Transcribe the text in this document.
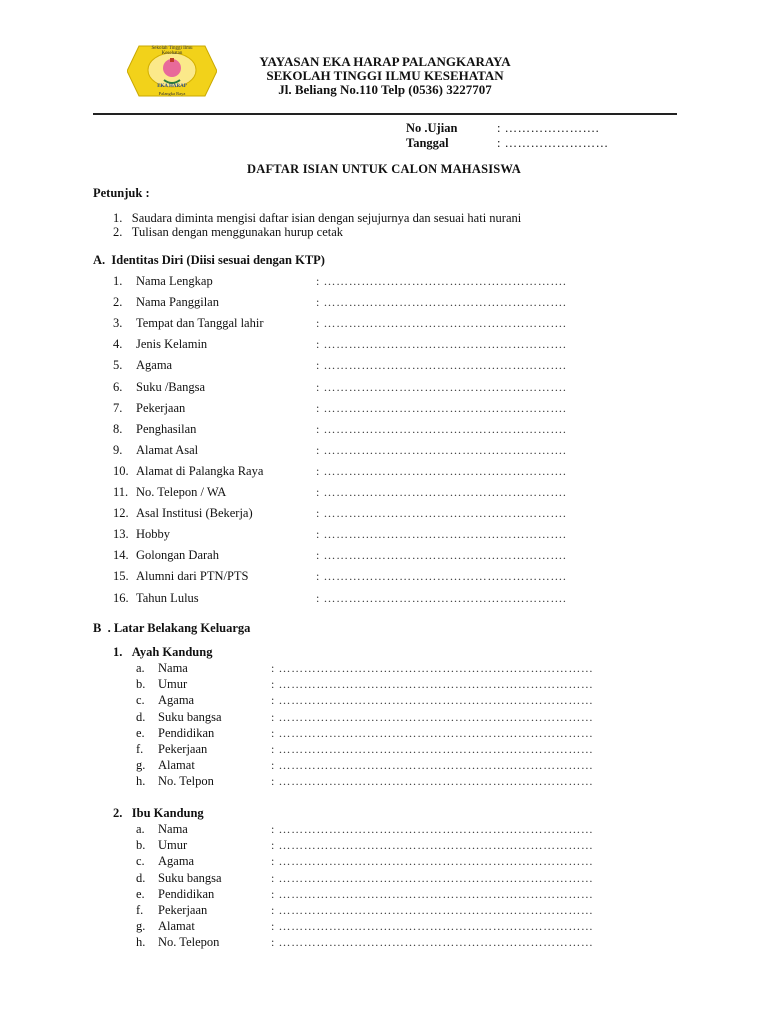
Sekolah Tinggi Ilmu Kesehatan
EKA HARAP
Palangka Raya
YAYASAN EKA HARAP PALANGKARAYA
SEKOLAH TINGGI ILMU KESEHATAN
Jl. Beliang No.110 Telp (0536) 3227707
No .Ujian	: ………………….
Tanggal	: ……………………
DAFTAR ISIAN UNTUK CALON MAHASISWA
Petunjuk :
1.   Saudara diminta mengisi daftar isian dengan sejujurnya dan sesuai hati nurani
2.   Tulisan dengan menggunakan hurup cetak
A.  Identitas Diri (Diisi sesuai dengan KTP)
1. Nama Lengkap	: ………………………………………………….
2. Nama Panggilan	: ………………………………………………….
3. Tempat dan Tanggal lahir	: ………………………………………………….
4. Jenis Kelamin	: ………………………………………………….
5. Agama	: ………………………………………………….
6. Suku /Bangsa	: ………………………………………………….
7. Pekerjaan	: ………………………………………………….
8. Penghasilan	: ………………………………………………….
9. Alamat Asal	: ………………………………………………….
10. Alamat di Palangka Raya	: ………………………………………………….
11. No. Telepon / WA	: ………………………………………………….
12. Asal Institusi (Bekerja)	: ………………………………………………….
13. Hobby	: ………………………………………………….
14. Golongan Darah	: ………………………………………………….
15. Alumni dari PTN/PTS	: ………………………………………………….
16. Tahun Lulus	: ………………………………………………….
B  . Latar Belakang Keluarga
1.   Ayah Kandung
a. Nama	: …………………………………………………………………
b. Umur	: …………………………………………………………………
c. Agama	: …………………………………………………………………
d. Suku bangsa	: …………………………………………………………………
e. Pendidikan	: …………………………………………………………………
f. Pekerjaan	: …………………………………………………………………
g. Alamat	: …………………………………………………………………
h. No. Telpon	: …………………………………………………………………
2.   Ibu Kandung
a. Nama	: …………………………………………………………………
b. Umur	: …………………………………………………………………
c. Agama	: …………………………………………………………………
d. Suku bangsa	: …………………………………………………………………
e. Pendidikan	: …………………………………………………………………
f. Pekerjaan	: …………………………………………………………………
g. Alamat	: …………………………………………………………………
h. No. Telepon	: …………………………………………………………………
